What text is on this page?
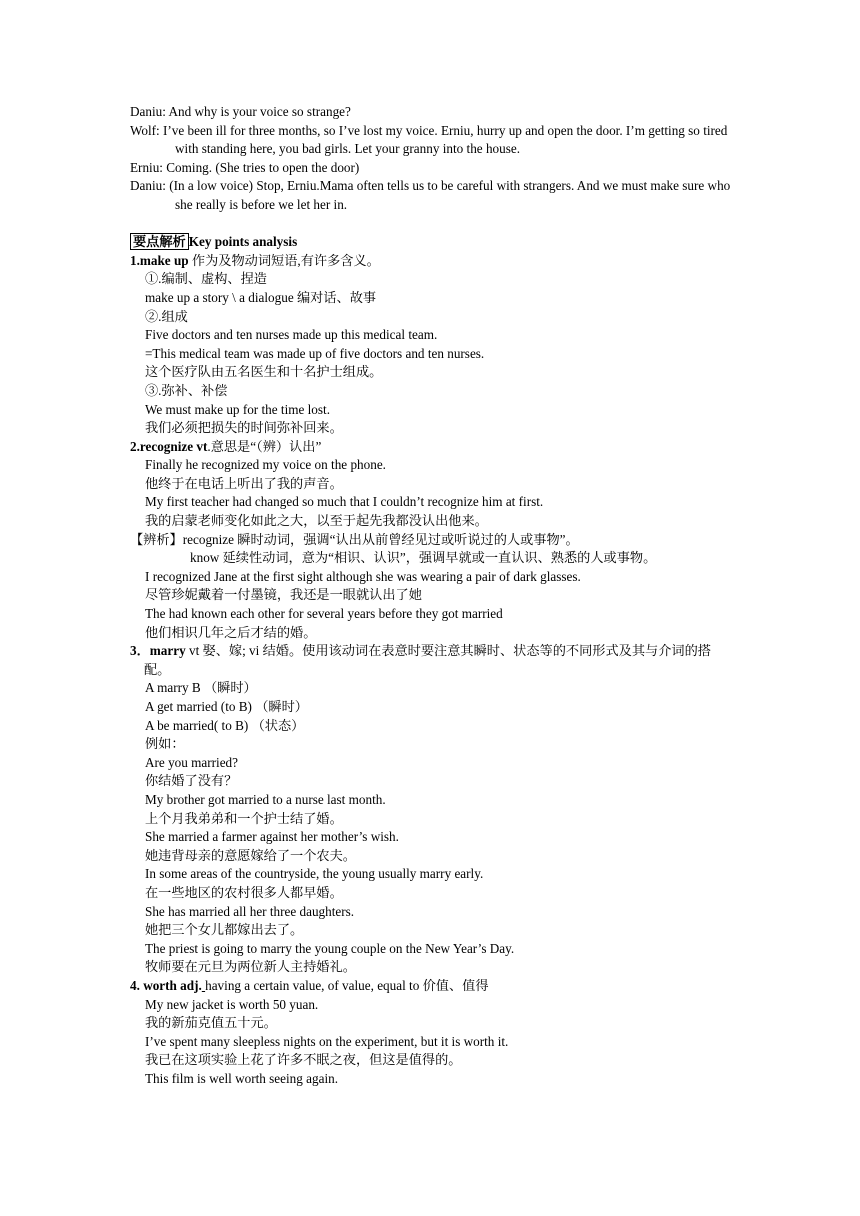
Daniu: And why is your voice so strange?
Wolf: I’ve been ill for three months, so I’ve lost my voice. Erniu, hurry up and open the door. I’m getting so tired with standing here, you bad girls. Let your granny into the house.
Erniu: Coming. (She tries to open the door)
Daniu: (In a low voice) Stop, Erniu.Mama often tells us to be careful with strangers. And we must make sure who she really is before we let her in.
要点解析 Key points analysis
1.make up 作为及物动词短语,有许多含义。
①.编制、虚构、捏造
make up a story \ a dialogue 编对话、故事
②.组成
Five doctors and ten nurses made up this medical team.
=This medical team was made up of five doctors and ten nurses.
这个医疗队由五名医生和十名护士组成。
③.弥补、补偿
We must make up for the time lost.
我们必须把损失的时间弥补回来。
2.recognize vt.意思是“（辨）认出”
Finally he recognized my voice on the phone.
他终于在电话上听出了我的声音。
My first teacher had changed so much that I couldn’t recognize him at first.
我的启蒙老师变化如此之大，以至于起先我都没认出他来。
【辨析】recognize 瞬时动词，强调“认出从前曾经见过或听说过的人或事物”。
know 延续性动词，意为“相识、认识”，强调早就或一直认识、熟悉的人或事物。
I recognized Jane at the first sight although she was wearing a pair of dark glasses.
尽管珍妮戴着一付墨镜，我还是一眼就认出了她
The had known each other for several years before they got married
他们相识几年之后才结的婚。
3．marry vt 娶、嫁; vi 结婚。使用该动词在表意时要注意其瞬时、状态等的不同形式及其与介词的搭配。
A marry B （瞬时）
A get married (to B) （瞬时）
A be married( to B) （状态）
例如：
Are you married?
你结婚了没有？
My brother got married to a nurse last month.
上个月我弟弟和一个护士结了婚。
She married a farmer against her mother’s wish.
她违背母亲的意愿嫁给了一个农夫。
In some areas of the countryside, the young usually marry early.
在一些地区的农村很多人都早婚。
She has married all her three daughters.
她把三个女儿都嫁出去了。
The priest is going to marry the young couple on the New Year’s Day.
牧师要在元旦为两位新人主持婚礼。
4. worth adj. having a certain value, of value, equal to 价值、值得
My new jacket is worth 50 yuan.
我的新茄克值五十元。
I’ve spent many sleepless nights on the experiment, but it is worth it.
我已在这项实验上花了许多不眠之夜，但这是值得的。
This film is well worth seeing again.
